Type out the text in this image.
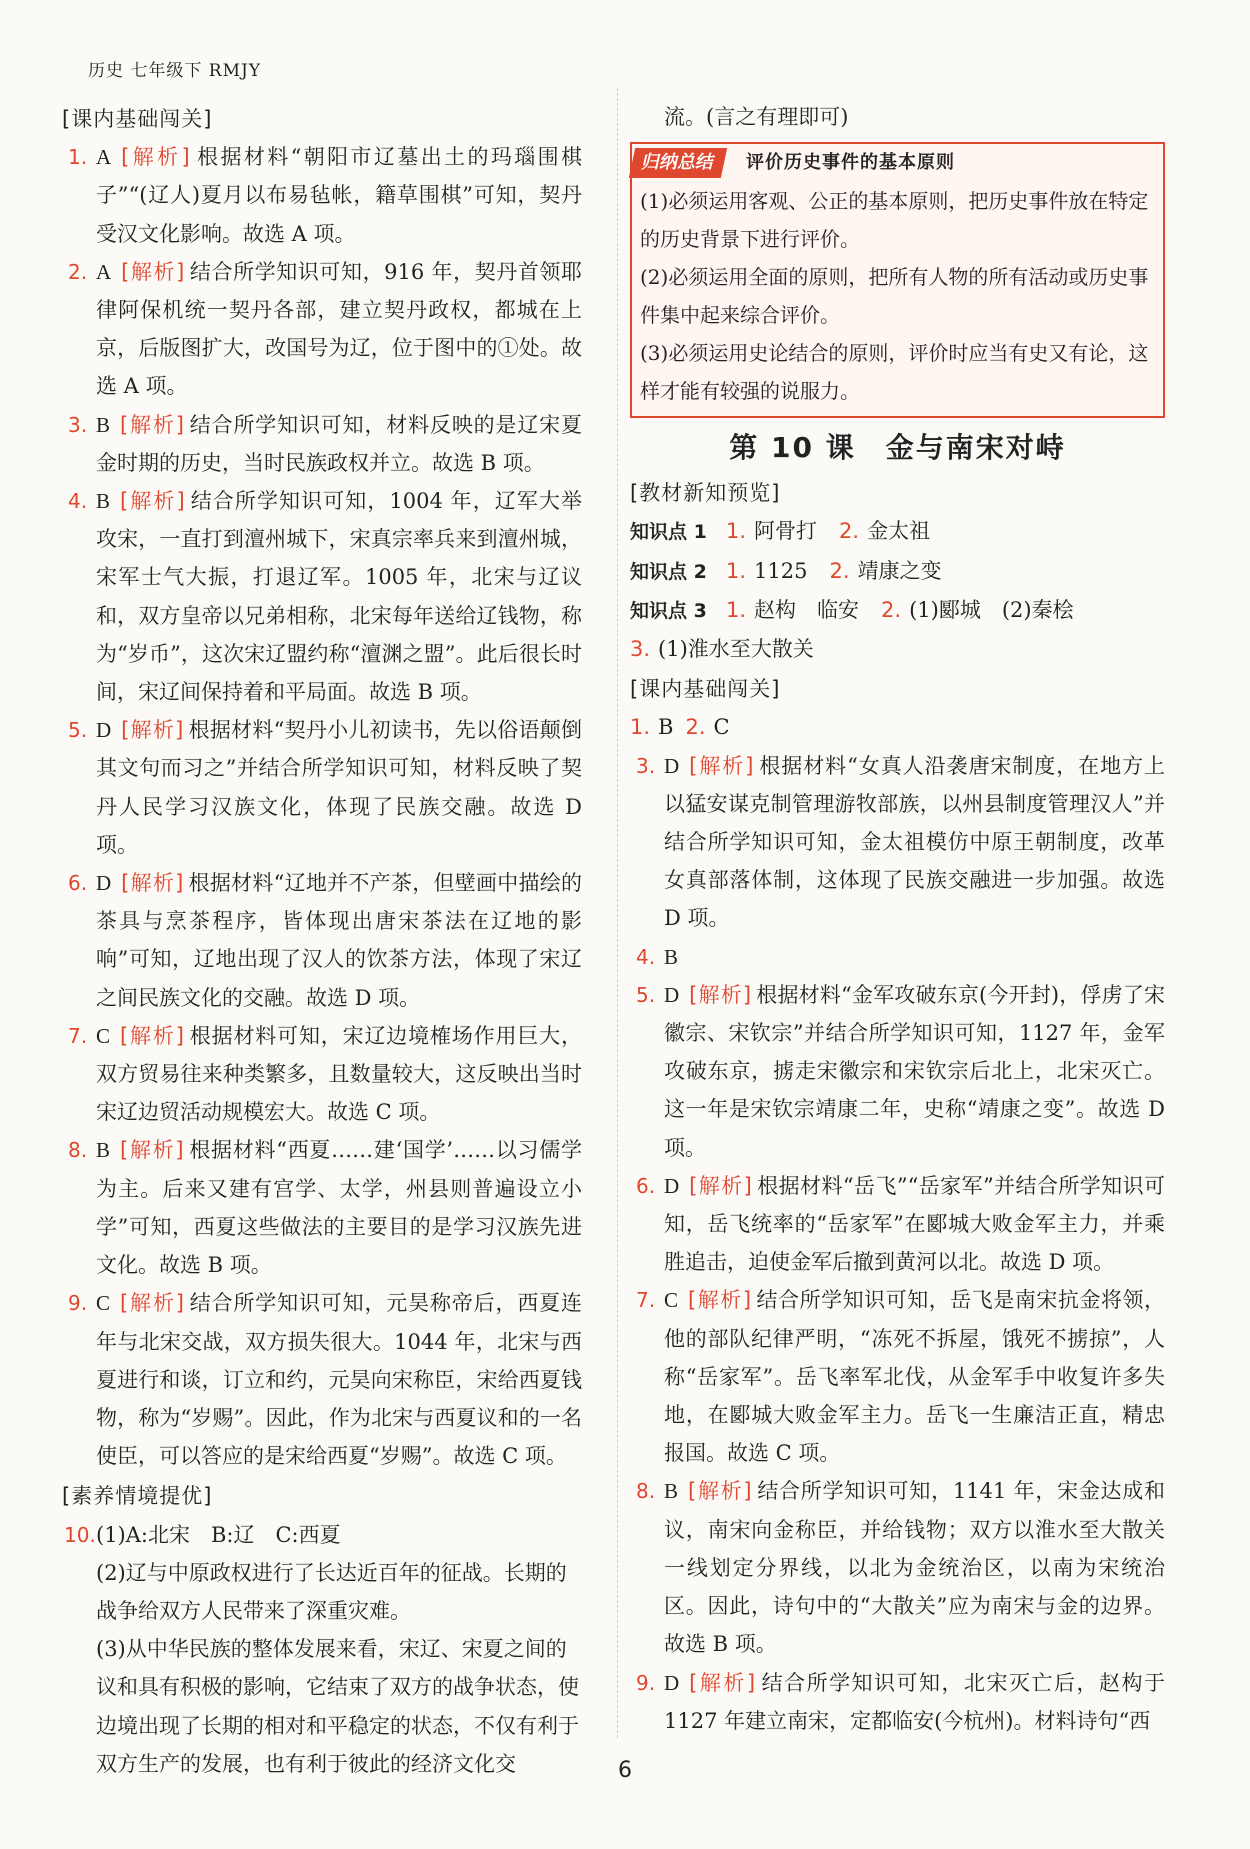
历史 七年级下 RMJY
[课内基础闯关]
1. A [解析] 根据材料“朝阳市辽墓出土的玛瑙围棋子”“(辽人)夏月以布易毡帐，籍草围棋”可知，契丹受汉文化影响。故选 A 项。
2. A [解析] 结合所学知识可知，916 年，契丹首领耶律阿保机统一契丹各部，建立契丹政权，都城在上京，后版图扩大，改国号为辽，位于图中的①处。故选 A 项。
3. B [解析] 结合所学知识可知，材料反映的是辽宋夏金时期的历史，当时民族政权并立。故选 B 项。
4. B [解析] 结合所学知识可知，1004 年，辽军大举攻宋，一直打到澶州城下，宋真宗率兵来到澶州城，宋军士气大振，打退辽军。1005 年，北宋与辽议和，双方皇帝以兄弟相称，北宋每年送给辽钱物，称为“岁币”，这次宋辽盟约称“澶渊之盟”。此后很长时间，宋辽间保持着和平局面。故选 B 项。
5. D [解析] 根据材料“契丹小儿初读书，先以俗语颠倒其文句而习之”并结合所学知识可知，材料反映了契丹人民学习汉族文化，体现了民族交融。故选 D 项。
6. D [解析] 根据材料“辽地并不产茶，但壁画中描绘的茶具与烹茶程序，皆体现出唐宋茶法在辽地的影响”可知，辽地出现了汉人的饮茶方法，体现了宋辽之间民族文化的交融。故选 D 项。
7. C [解析] 根据材料可知，宋辽边境榷场作用巨大，双方贸易往来种类繁多，且数量较大，这反映出当时宋辽边贸活动规模宏大。故选 C 项。
8. B [解析] 根据材料“西夏……建‘国学’……以习儒学为主。后来又建有宫学、太学，州县则普遍设立小学”可知，西夏这些做法的主要目的是学习汉族先进文化。故选 B 项。
9. C [解析] 结合所学知识可知，元昊称帝后，西夏连年与北宋交战，双方损失很大。1044 年，北宋与西夏进行和谈，订立和约，元昊向宋称臣，宋给西夏钱物，称为“岁赐”。因此，作为北宋与西夏议和的一名使臣，可以答应的是宋给西夏“岁赐”。故选 C 项。
[素养情境提优]
10. (1)A:北宋　B:辽　C:西夏
(2)辽与中原政权进行了长达近百年的征战。长期的战争给双方人民带来了深重灾难。
(3)从中华民族的整体发展来看，宋辽、宋夏之间的议和具有积极的影响，它结束了双方的战争状态，使边境出现了长期的相对和平稳定的状态，不仅有利于双方生产的发展，也有利于彼此的经济文化交
流。(言之有理即可)
归纳总结	评价历史事件的基本原则
(1)必须运用客观、公正的基本原则，把历史事件放在特定的历史背景下进行评价。
(2)必须运用全面的原则，把所有人物的所有活动或历史事件集中起来综合评价。
(3)必须运用史论结合的原则，评价时应当有史又有论，这样才能有较强的说服力。
第 10 课　金与南宋对峙
[教材新知预览]
知识点 1 1. 阿骨打 2. 金太祖
知识点 2 1. 1125 2. 靖康之变
知识点 3 1. 赵构　临安 2. (1)郾城　(2)秦桧
3. (1)淮水至大散关
[课内基础闯关]
1. B 2. C
3. D [解析] 根据材料“女真人沿袭唐宋制度，在地方上以猛安谋克制管理游牧部族，以州县制度管理汉人”并结合所学知识可知，金太祖模仿中原王朝制度，改革女真部落体制，这体现了民族交融进一步加强。故选 D 项。
4. B
5. D [解析] 根据材料“金军攻破东京(今开封)，俘虏了宋徽宗、宋钦宗”并结合所学知识可知，1127 年，金军攻破东京，掳走宋徽宗和宋钦宗后北上，北宋灭亡。这一年是宋钦宗靖康二年，史称“靖康之变”。故选 D 项。
6. D [解析] 根据材料“岳飞”“岳家军”并结合所学知识可知，岳飞统率的“岳家军”在郾城大败金军主力，并乘胜追击，迫使金军后撤到黄河以北。故选 D 项。
7. C [解析] 结合所学知识可知，岳飞是南宋抗金将领，他的部队纪律严明，“冻死不拆屋，饿死不掳掠”，人称“岳家军”。岳飞率军北伐，从金军手中收复许多失地，在郾城大败金军主力。岳飞一生廉洁正直，精忠报国。故选 C 项。
8. B [解析] 结合所学知识可知，1141 年，宋金达成和议，南宋向金称臣，并给钱物；双方以淮水至大散关一线划定分界线，以北为金统治区，以南为宋统治区。因此，诗句中的“大散关”应为南宋与金的边界。故选 B 项。
9. D [解析] 结合所学知识可知，北宋灭亡后，赵构于 1127 年建立南宋，定都临安(今杭州)。材料诗句“西
6
